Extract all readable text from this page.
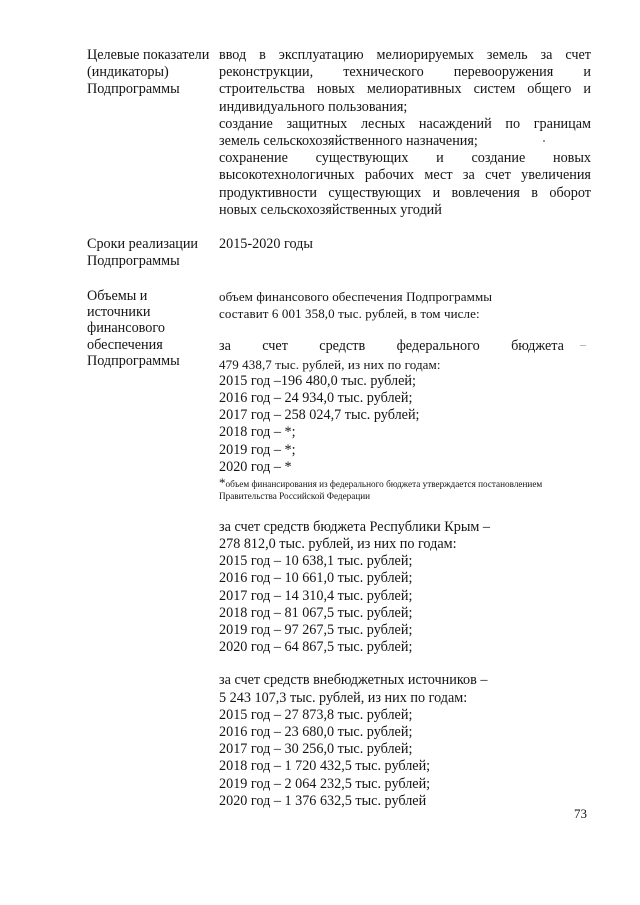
Целевые показатели
(индикаторы)
Подпрограммы
ввод в эксплуатацию мелиорируемых земель за счет
реконструкции, технического перевооружения и
строительства новых мелиоративных систем общего и
индивидуального пользования;
создание защитных лесных насаждений по границам
земель сельскохозяйственного назначения;
сохранение существующих и создание новых
высокотехнологичных рабочих мест за счет увеличения
продуктивности существующих и вовлечения в оборот
новых сельскохозяйственных угодий
Сроки реализации
Подпрограммы
2015-2020 годы
Объемы и
источники
финансового
обеспечения
Подпрограммы
объем финансового обеспечения Подпрограммы
составит 6 001 358,0 тыс. рублей, в том числе:
за счет средств федерального бюджета
479 438,7 тыс. рублей, из них по годам:
2015 год –196 480,0 тыс. рублей;
2016 год – 24 934,0 тыс. рублей;
2017 год – 258 024,7 тыс. рублей;
2018 год – *;
2019 год – *;
2020 год – *
*объем финансирования из федерального бюджета утверждается постановлением
Правительства Российской Федерации
за счет средств бюджета Республики Крым –
278 812,0 тыс. рублей, из них по годам:
2015 год – 10 638,1 тыс. рублей;
2016 год – 10 661,0 тыс. рублей;
2017 год – 14 310,4 тыс. рублей;
2018 год – 81 067,5 тыс. рублей;
2019 год – 97 267,5 тыс. рублей;
2020 год – 64 867,5 тыс. рублей;
за счет средств внебюджетных источников –
5 243 107,3 тыс. рублей, из них по годам:
2015 год – 27 873,8 тыс. рублей;
2016 год – 23 680,0 тыс. рублей;
2017 год – 30 256,0 тыс. рублей;
2018 год – 1 720 432,5 тыс. рублей;
2019 год – 2 064 232,5 тыс. рублей;
2020 год – 1 376 632,5 тыс. рублей
–
73
